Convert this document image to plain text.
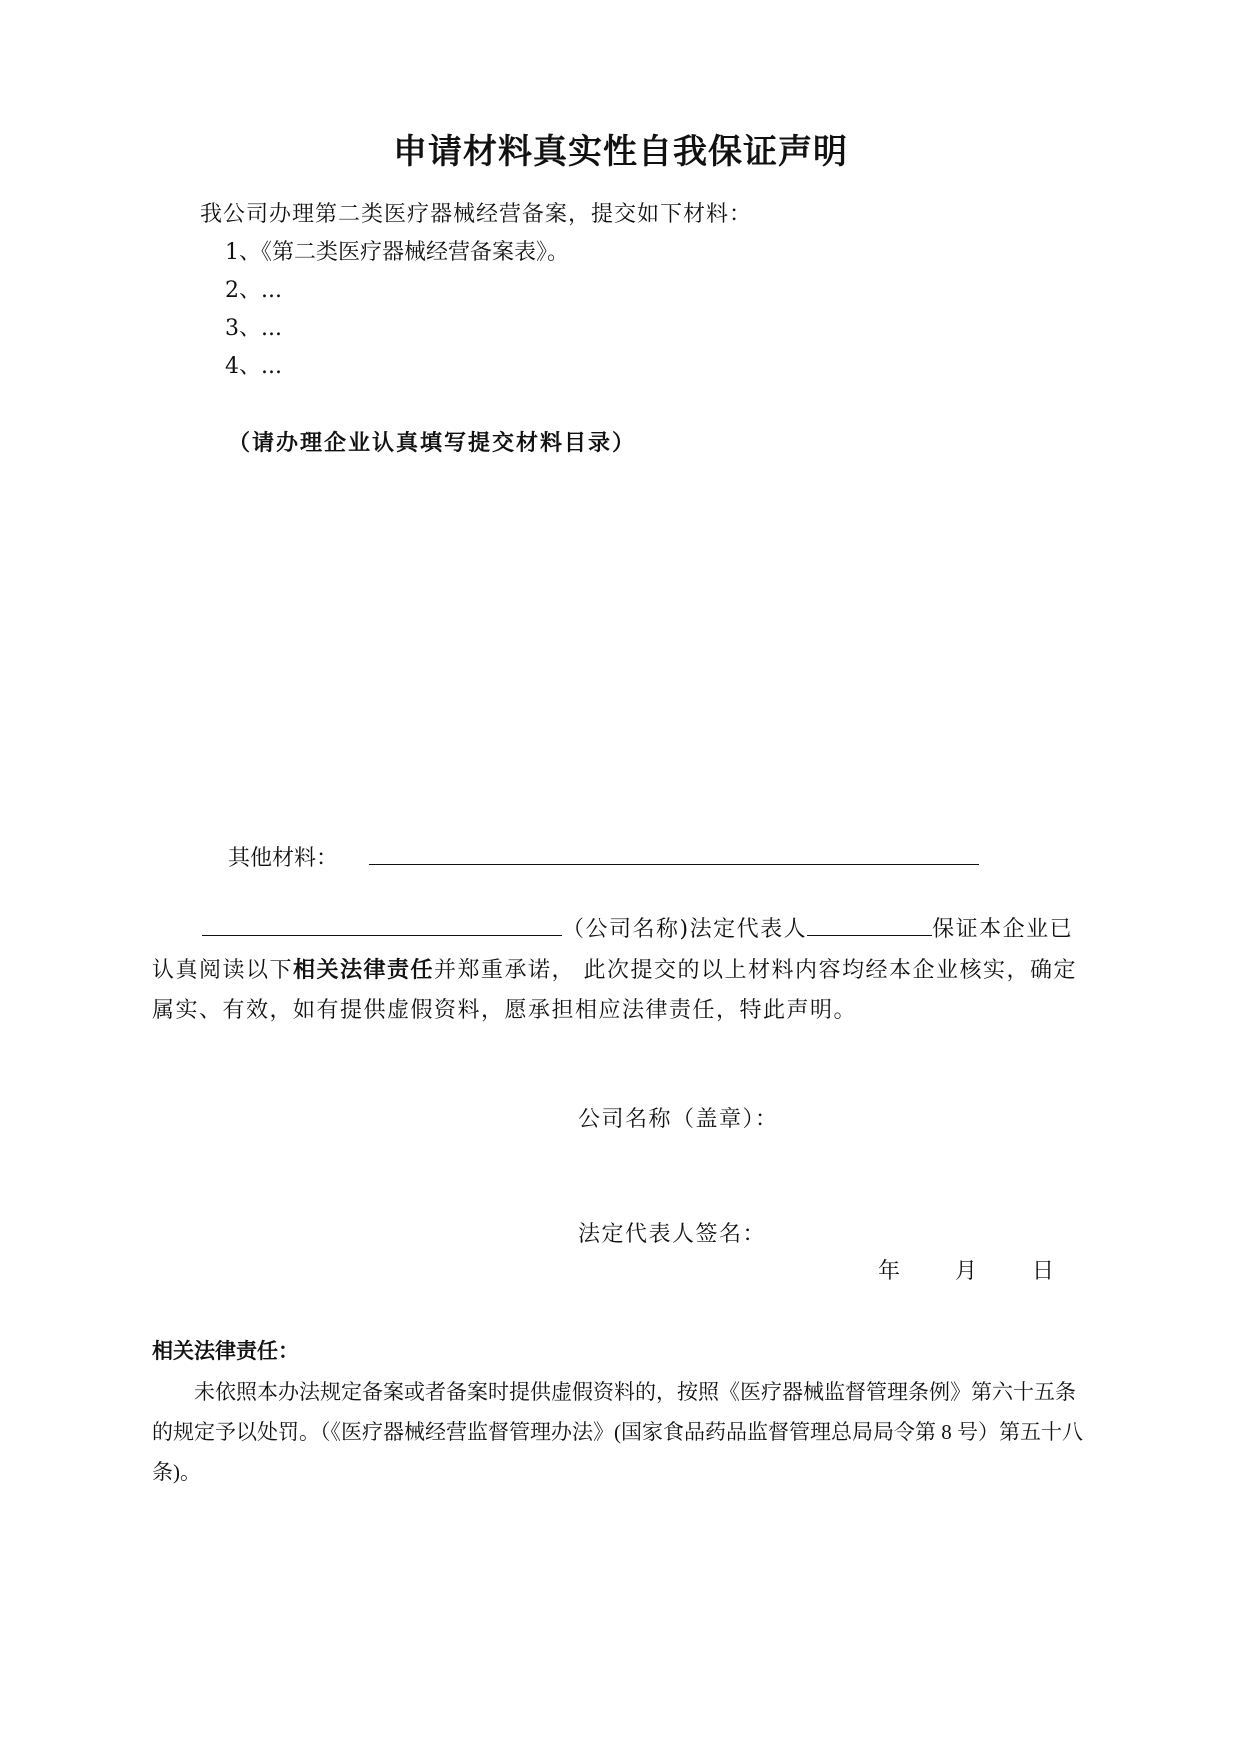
申请材料真实性自我保证声明
我公司办理第二类医疗器械经营备案，提交如下材料：
1、《第二类医疗器械经营备案表》。
2、...
3、...
4、...
（请办理企业认真填写提交材料目录）
其他材料：
（公司名称)法定代表人	保证本企业已认真阅读以下相关法律责任并郑重承诺， 此次提交的以上材料内容均经本企业核实，确定属实、有效，如有提供虚假资料，愿承担相应法律责任，特此声明。
公司名称（盖章）：
法定代表人签名：
年 月 日
相关法律责任：
未依照本办法规定备案或者备案时提供虚假资料的，按照《医疗器械监督管理条例》第六十五条的规定予以处罚。（《医疗器械经营监督管理办法》(国家食品药品监督管理总局局令第 8 号）第五十八条)。
